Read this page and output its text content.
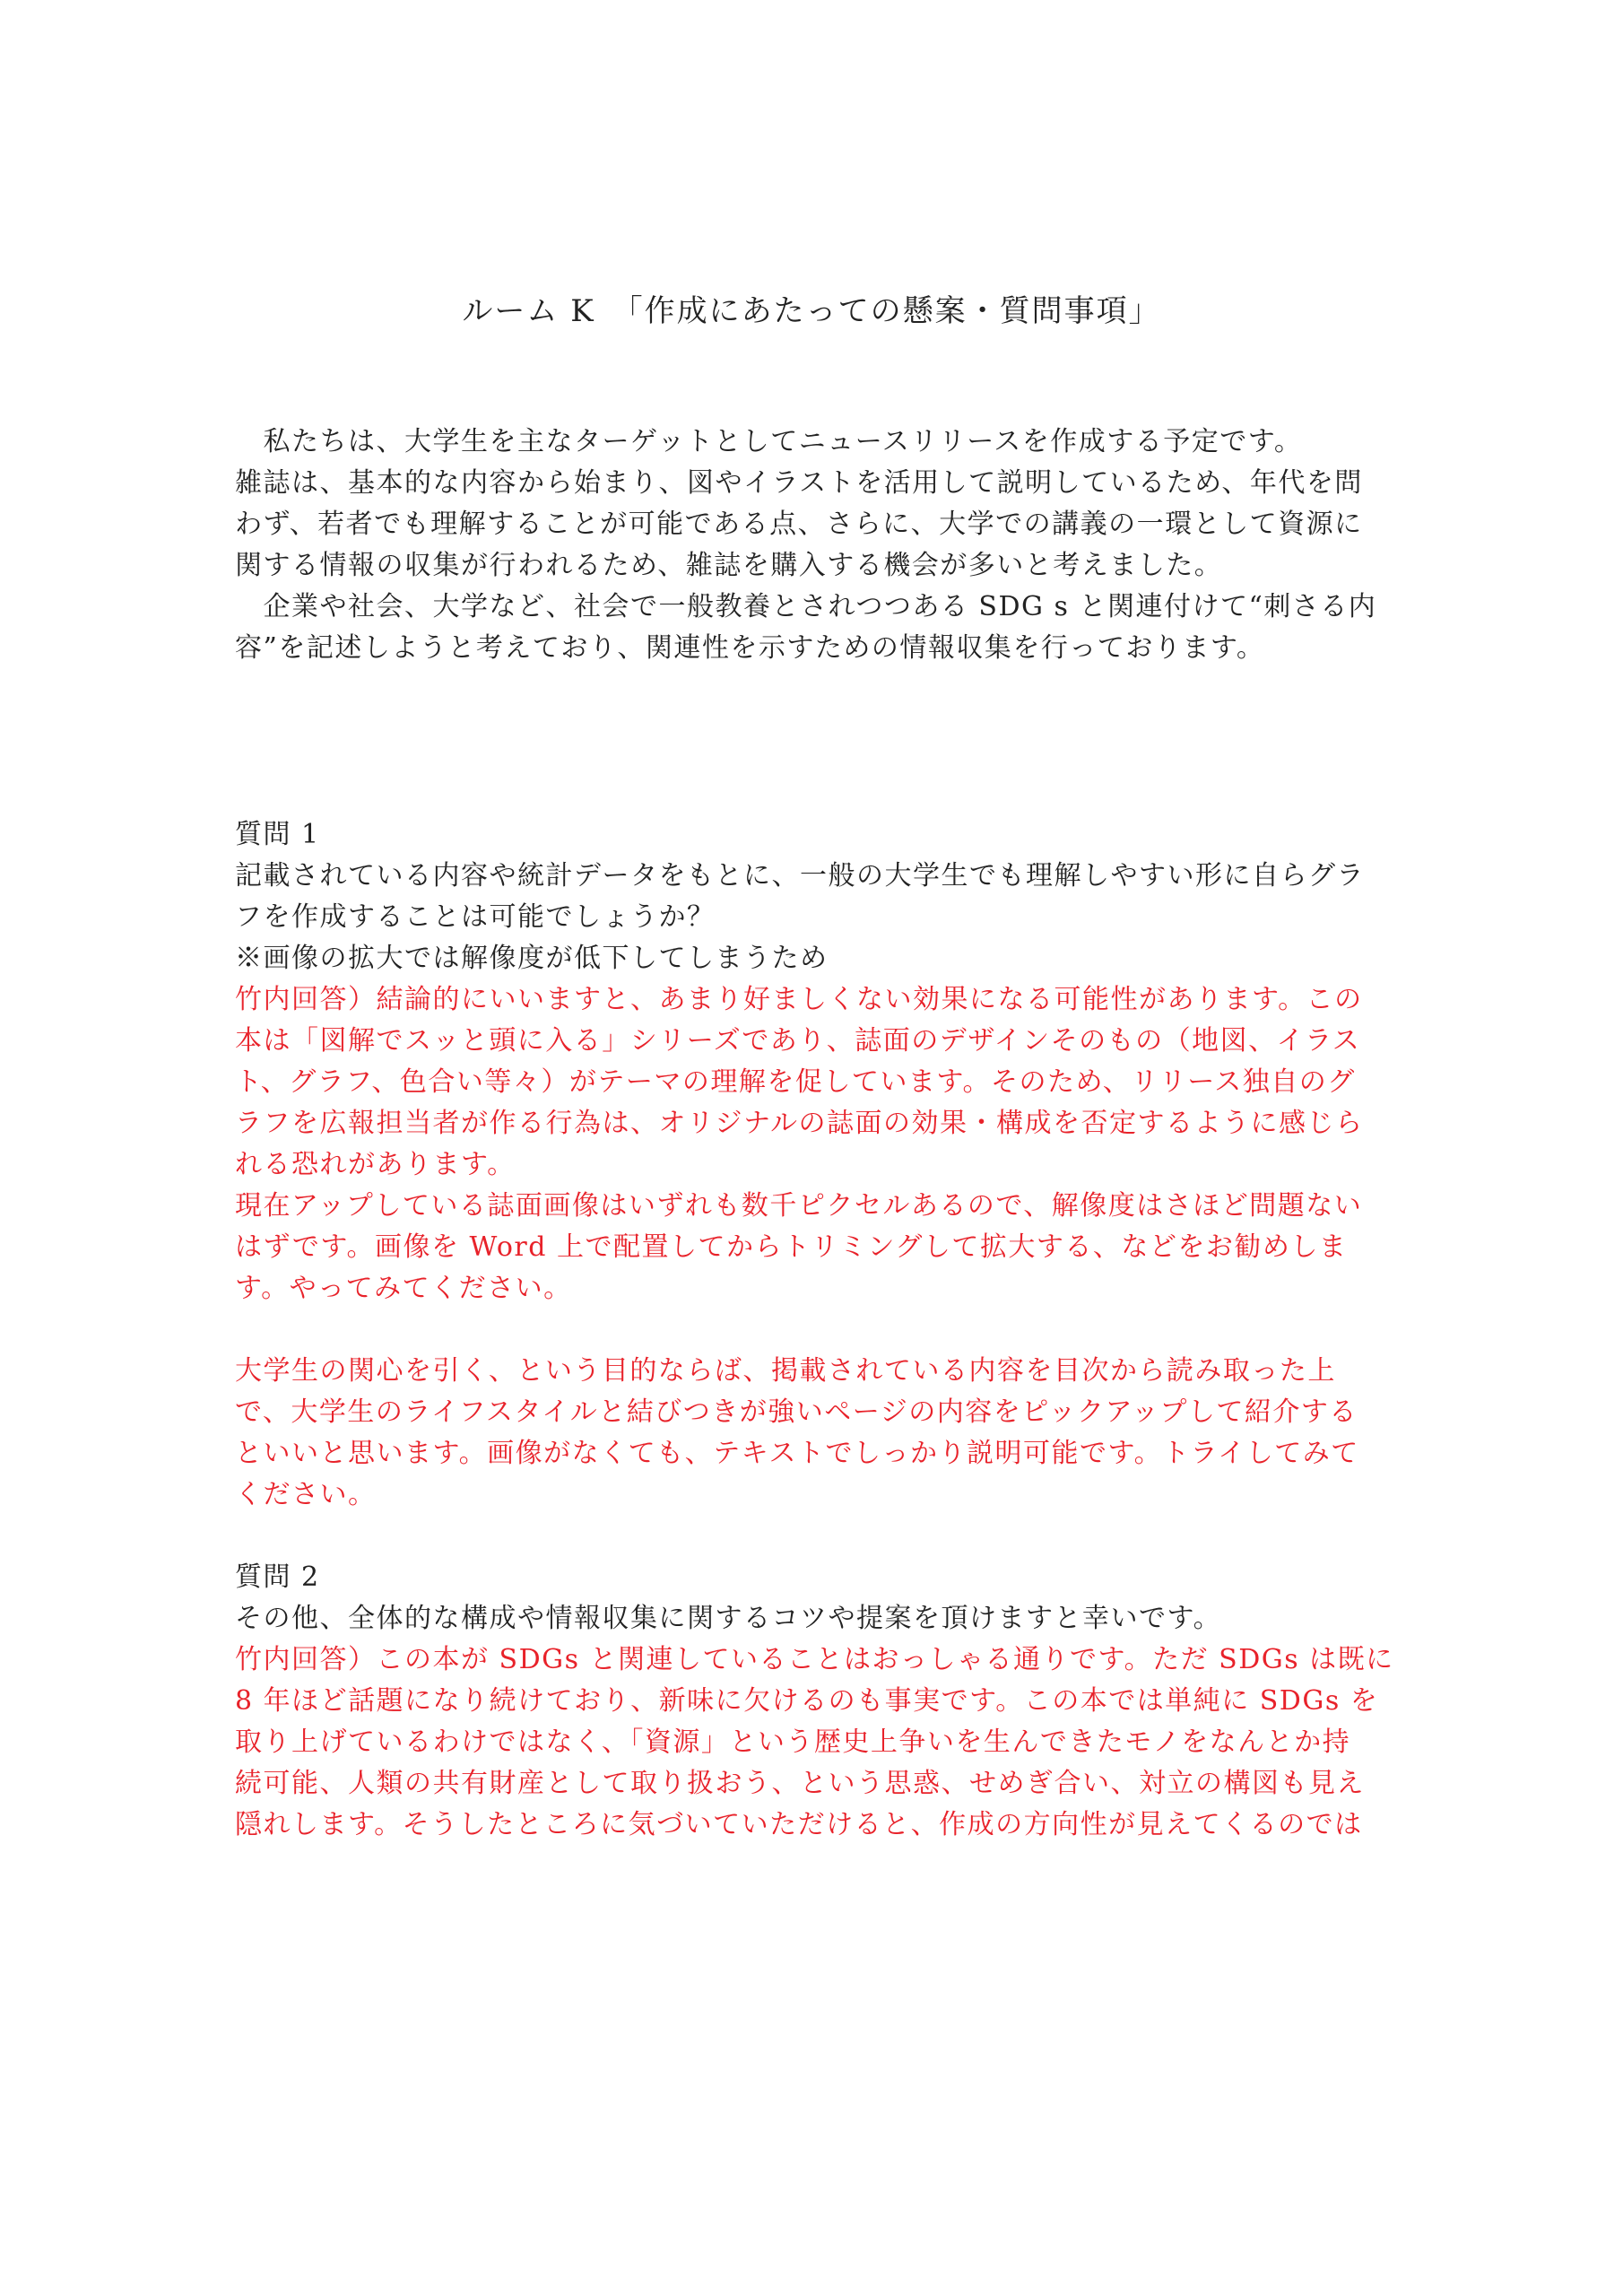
ルーム K　「作成にあたっての懸案・質問事項」
　私たちは、大学生を主なターゲットとしてニュースリリースを作成する予定です。
雑誌は、基本的な内容から始まり、図やイラストを活用して説明しているため、年代を問
わず、若者でも理解することが可能である点、さらに、大学での講義の一環として資源に
関する情報の収集が行われるため、雑誌を購入する機会が多いと考えました。
　企業や社会、大学など、社会で一般教養とされつつある SDG s と関連付けて“刺さる内
容”を記述しようと考えており、関連性を示すための情報収集を行っております。
質問 1
記載されている内容や統計データをもとに、一般の大学生でも理解しやすい形に自らグラ
フを作成することは可能でしょうか？
※画像の拡大では解像度が低下してしまうため
竹内回答）結論的にいいますと、あまり好ましくない効果になる可能性があります。この
本は「図解でスッと頭に入る」シリーズであり、誌面のデザインそのもの（地図、イラス
ト、グラフ、色合い等々）がテーマの理解を促しています。そのため、リリース独自のグ
ラフを広報担当者が作る行為は、オリジナルの誌面の効果・構成を否定するように感じら
れる恐れがあります。
現在アップしている誌面画像はいずれも数千ピクセルあるので、解像度はさほど問題ない
はずです。画像を Word 上で配置してからトリミングして拡大する、などをお勧めしま
す。やってみてください。
大学生の関心を引く、という目的ならば、掲載されている内容を目次から読み取った上
で、大学生のライフスタイルと結びつきが強いページの内容をピックアップして紹介する
といいと思います。画像がなくても、テキストでしっかり説明可能です。トライしてみて
ください。
質問 2
その他、全体的な構成や情報収集に関するコツや提案を頂けますと幸いです。
竹内回答）この本が SDGs と関連していることはおっしゃる通りです。ただ SDGs は既に
8 年ほど話題になり続けており、新味に欠けるのも事実です。この本では単純に SDGs を
取り上げているわけではなく、「資源」という歴史上争いを生んできたモノをなんとか持
続可能、人類の共有財産として取り扱おう、という思惑、せめぎ合い、対立の構図も見え
隠れします。そうしたところに気づいていただけると、作成の方向性が見えてくるのでは
